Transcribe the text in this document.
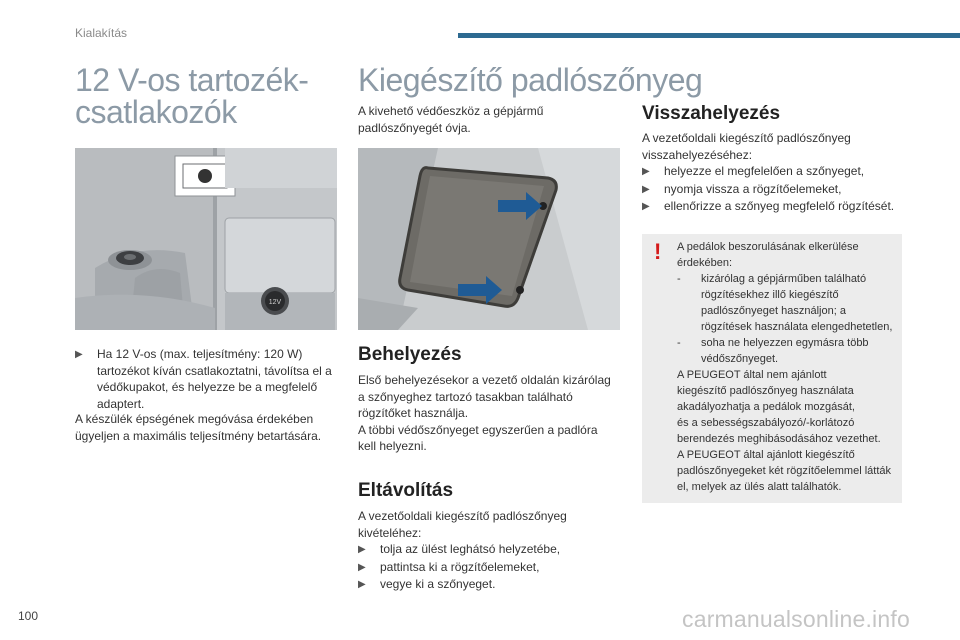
Kialakítás
12 V-os tartozék-
csatlakozók
12V
▶	Ha 12 V-os (max. teljesítmény: 120 W) tartozékot kíván csatlakoztatni, távolítsa el a védőkupakot, és helyezze be a megfelelő adaptert.
A készülék épségének megóvása érdekében
ügyeljen a maximális teljesítmény betartására.
Kiegészítő padlószőnyeg
A kivehető védőeszköz a gépjármű
padlószőnyegét óvja.
Behelyezés
Első behelyezésekor a vezető oldalán kizárólag
a szőnyeghez tartozó tasakban található
rögzítőket használja.
A többi védőszőnyeget egyszerűen a padlóra
kell helyezni.
Eltávolítás
A vezetőoldali kiegészítő padlószőnyeg
kivételéhez:
▶	tolja az ülést leghátsó helyzetébe,
▶	pattintsa ki a rögzítőelemeket,
▶	vegye ki a szőnyeget.
Visszahelyezés
A vezetőoldali kiegészítő padlószőnyeg
visszahelyezéséhez:
▶	helyezze el megfelelően a szőnyeget,
▶	nyomja vissza a rögzítőelemeket,
▶	ellenőrizze a szőnyeg megfelelő rögzítését.
! A pedálok beszorulásának elkerülése
érdekében:
-	kizárólag a gépjárműben található
rögzítésekhez illő kiegészítő
padlószőnyeget használjon; a
rögzítések használata elengedhetetlen,
-	soha ne helyezzen egymásra több
védőszőnyeget.
A PEUGEOT által nem ajánlott
kiegészítő padlószőnyeg használata
akadályozhatja a pedálok mozgását,
és a sebességszabályozó/-korlátozó
berendezés meghibásodásához vezethet.
A PEUGEOT által ajánlott kiegészítő
padlószőnyegeket két rögzítőelemmel látták
el, melyek az ülés alatt találhatók.
100	carmanualsonline.info
